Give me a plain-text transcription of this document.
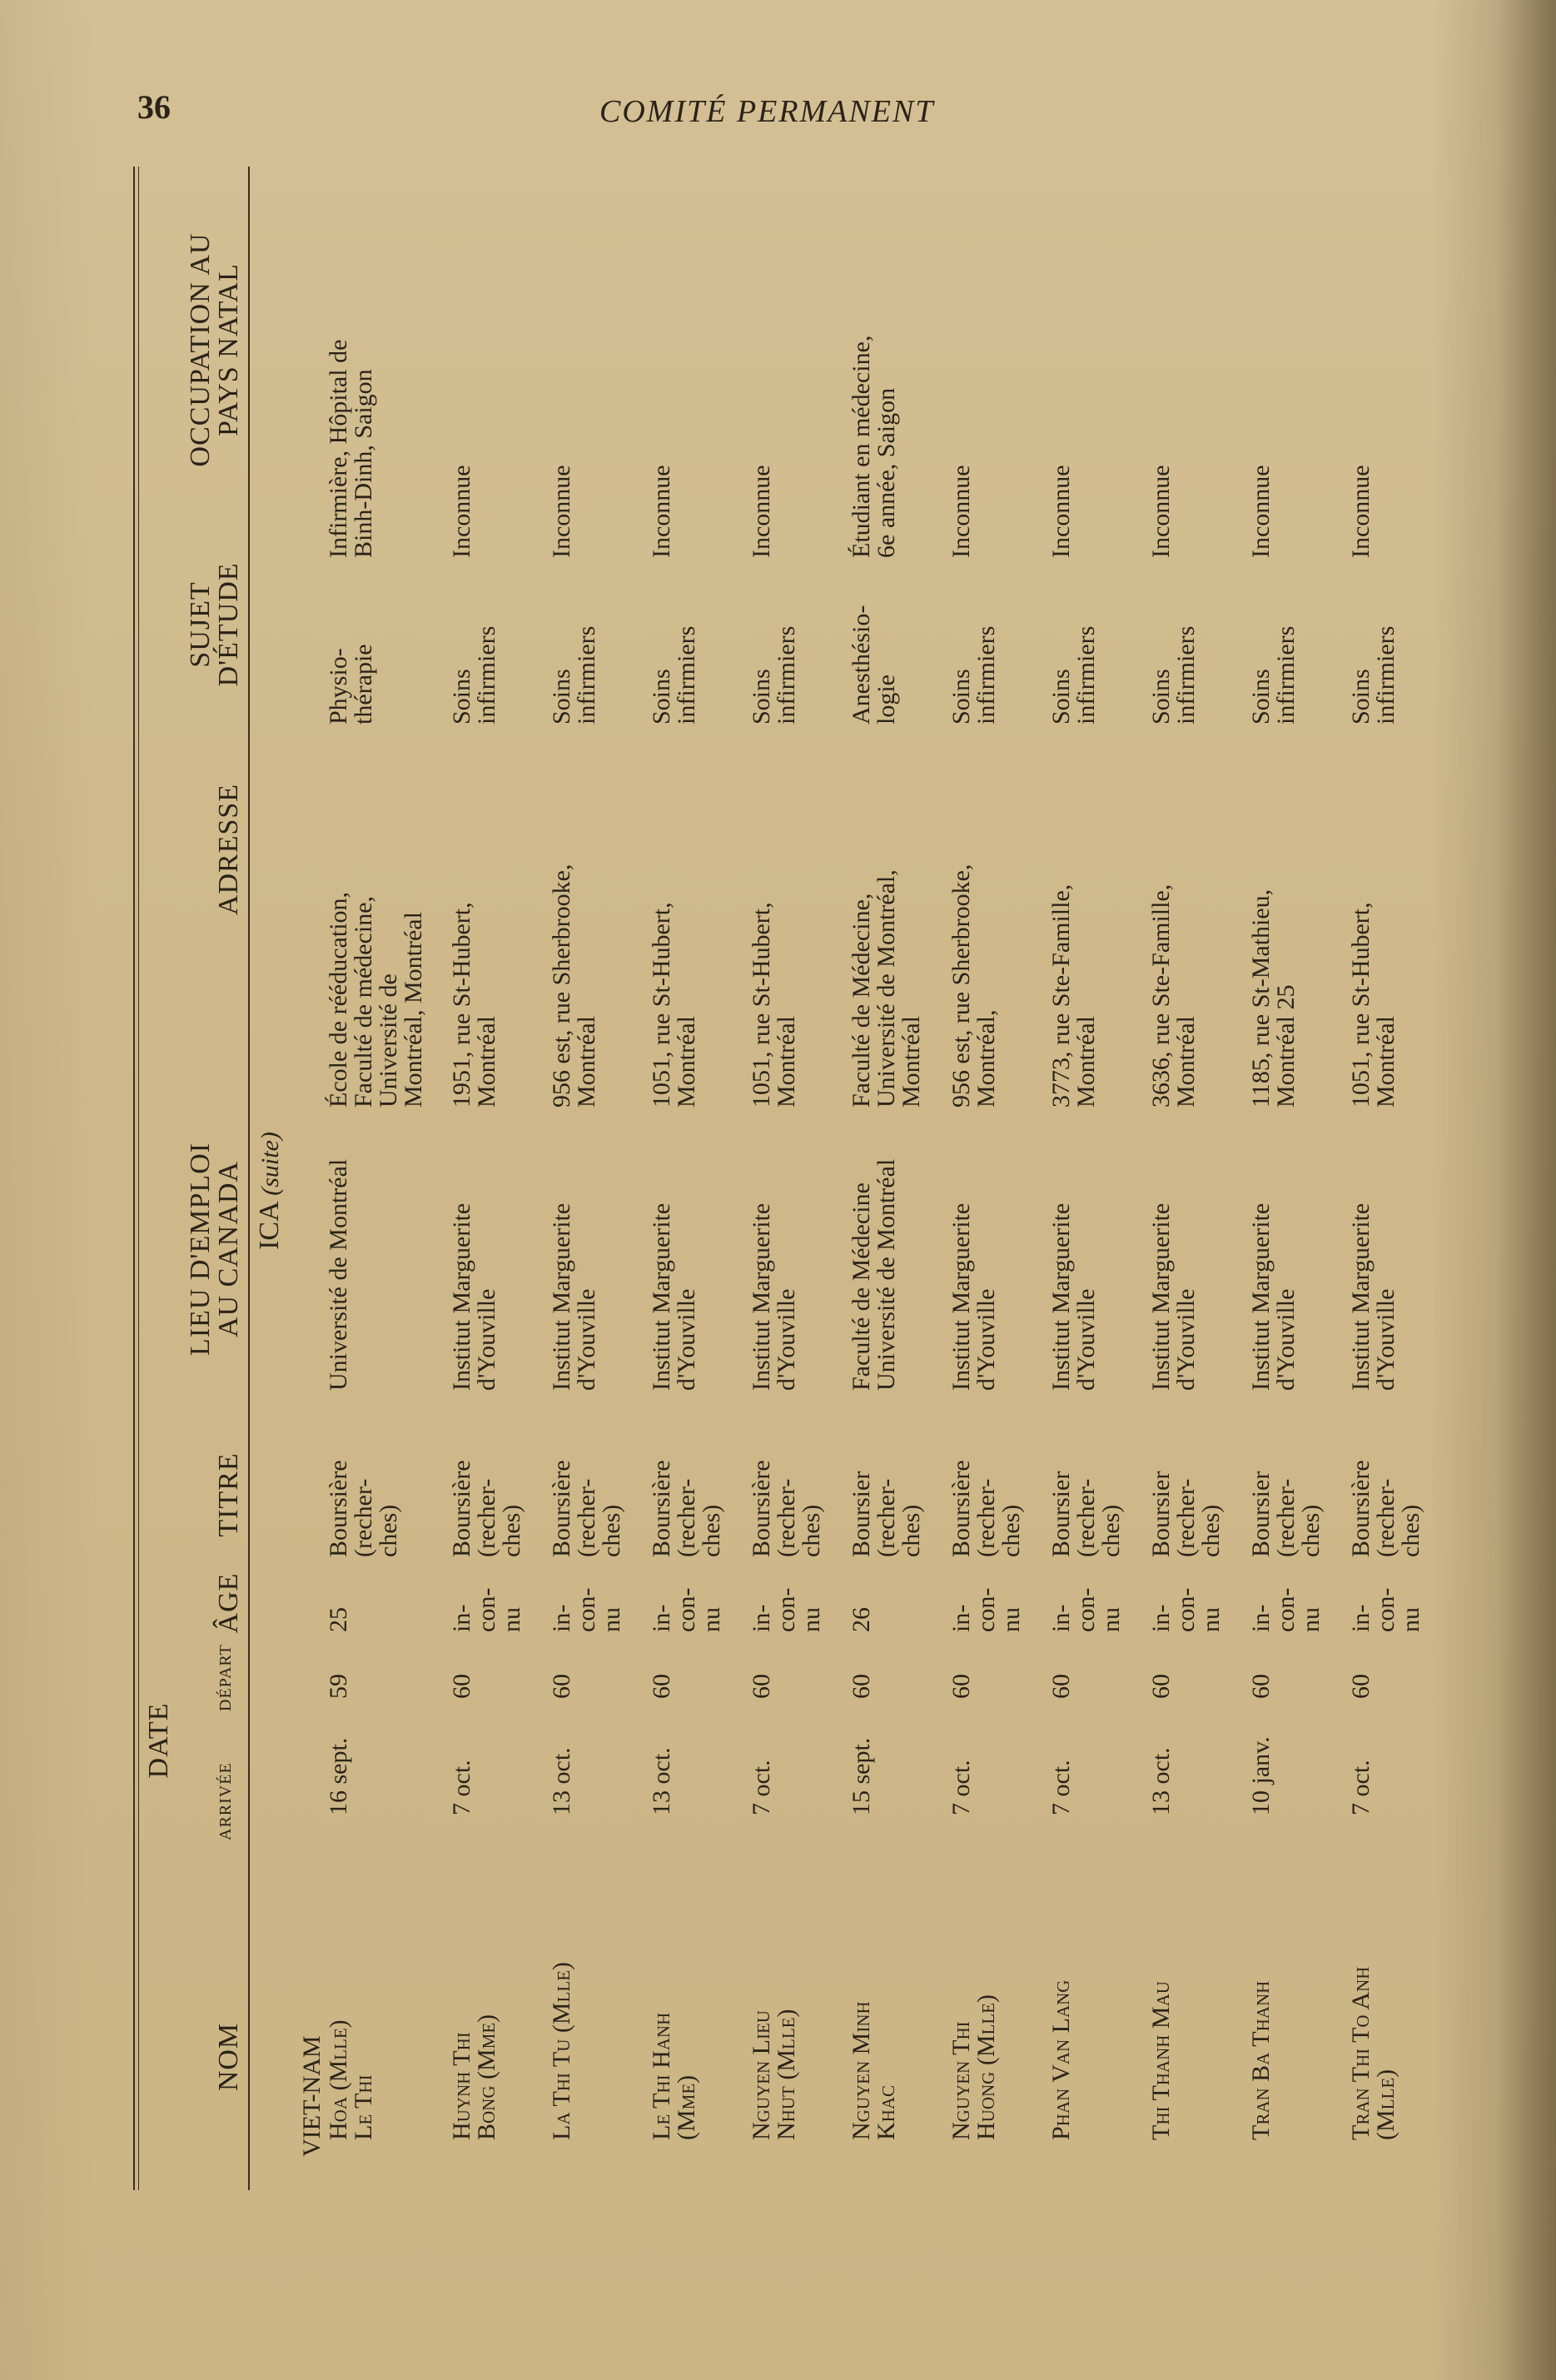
36	COMITÉ PERMANENT
NOM
DATE
ARRIVÉE
DÉPART
ÂGE
TITRE
LIEU D'EMPLOI
AU CANADA
ADRESSE
SUJET
D'ÉTUDE
OCCUPATION AU
PAYS NATAL
ICA (suite)
VIET-NAM Hoa (Mlle)
Le Thi
16 sept.
59
25
Boursière
(recher-
ches)
Université de Montréal
École de rééducation,
Faculté de médecine,
Université de
Montréal, Montréal
Physio-
thérapie
Infirmière, Hôpital de
Binh-Dinh, Saigon
Huynh Thi
Bong (Mme)
7 oct.
60
in-
con-
nu
Boursière
(recher-
ches)
Institut Marguerite
d'Youville
1951, rue St-Hubert,
Montréal
Soins
infirmiers
Inconnue
La Thi Tu (Mlle)
13 oct.
60
in-
con-
nu
Boursière
(recher-
ches)
Institut Marguerite
d'Youville
956 est, rue Sherbrooke,
Montréal
Soins
infirmiers
Inconnue
Le Thi Hanh
(Mme)
13 oct.
60
in-
con-
nu
Boursière
(recher-
ches)
Institut Marguerite
d'Youville
1051, rue St-Hubert,
Montréal
Soins
infirmiers
Inconnue
Nguyen Lieu
Nhut (Mlle)
7 oct.
60
in-
con-
nu
Boursière
(recher-
ches)
Institut Marguerite
d'Youville
1051, rue St-Hubert,
Montréal
Soins
infirmiers
Inconnue
Nguyen Minh
Khac
15 sept.
60
26
Boursier
(recher-
ches)
Faculté de Médecine
Université de Montréal
Faculté de Médecine,
Université de Montréal,
Montréal
Anesthésio-
logie
Étudiant en médecine,
6e année, Saigon
Nguyen Thi
Huong (Mlle)
7 oct.
60
in-
con-
nu
Boursière
(recher-
ches)
Institut Marguerite
d'Youville
956 est, rue Sherbrooke,
Montréal,
Soins
infirmiers
Inconnue
Phan Van Lang
7 oct.
60
in-
con-
nu
Boursier
(recher-
ches)
Institut Marguerite
d'Youville
3773, rue Ste-Famille,
Montréal
Soins
infirmiers
Inconnue
Thi Thanh Mau
13 oct.
60
in-
con-
nu
Boursier
(recher-
ches)
Institut Marguerite
d'Youville
3636, rue Ste-Famille,
Montréal
Soins
infirmiers
Inconnue
Tran Ba Thanh
10 janv.
60
in-
con-
nu
Boursier
(recher-
ches)
Institut Marguerite
d'Youville
1185, rue St-Mathieu,
Montréal 25
Soins
infirmiers
Inconnue
Tran Thi To Anh
(Mlle)
7 oct.
60
in-
con-
nu
Boursière
(recher-
ches)
Institut Marguerite
d'Youville
1051, rue St-Hubert,
Montréal
Soins
infirmiers
Inconnue
